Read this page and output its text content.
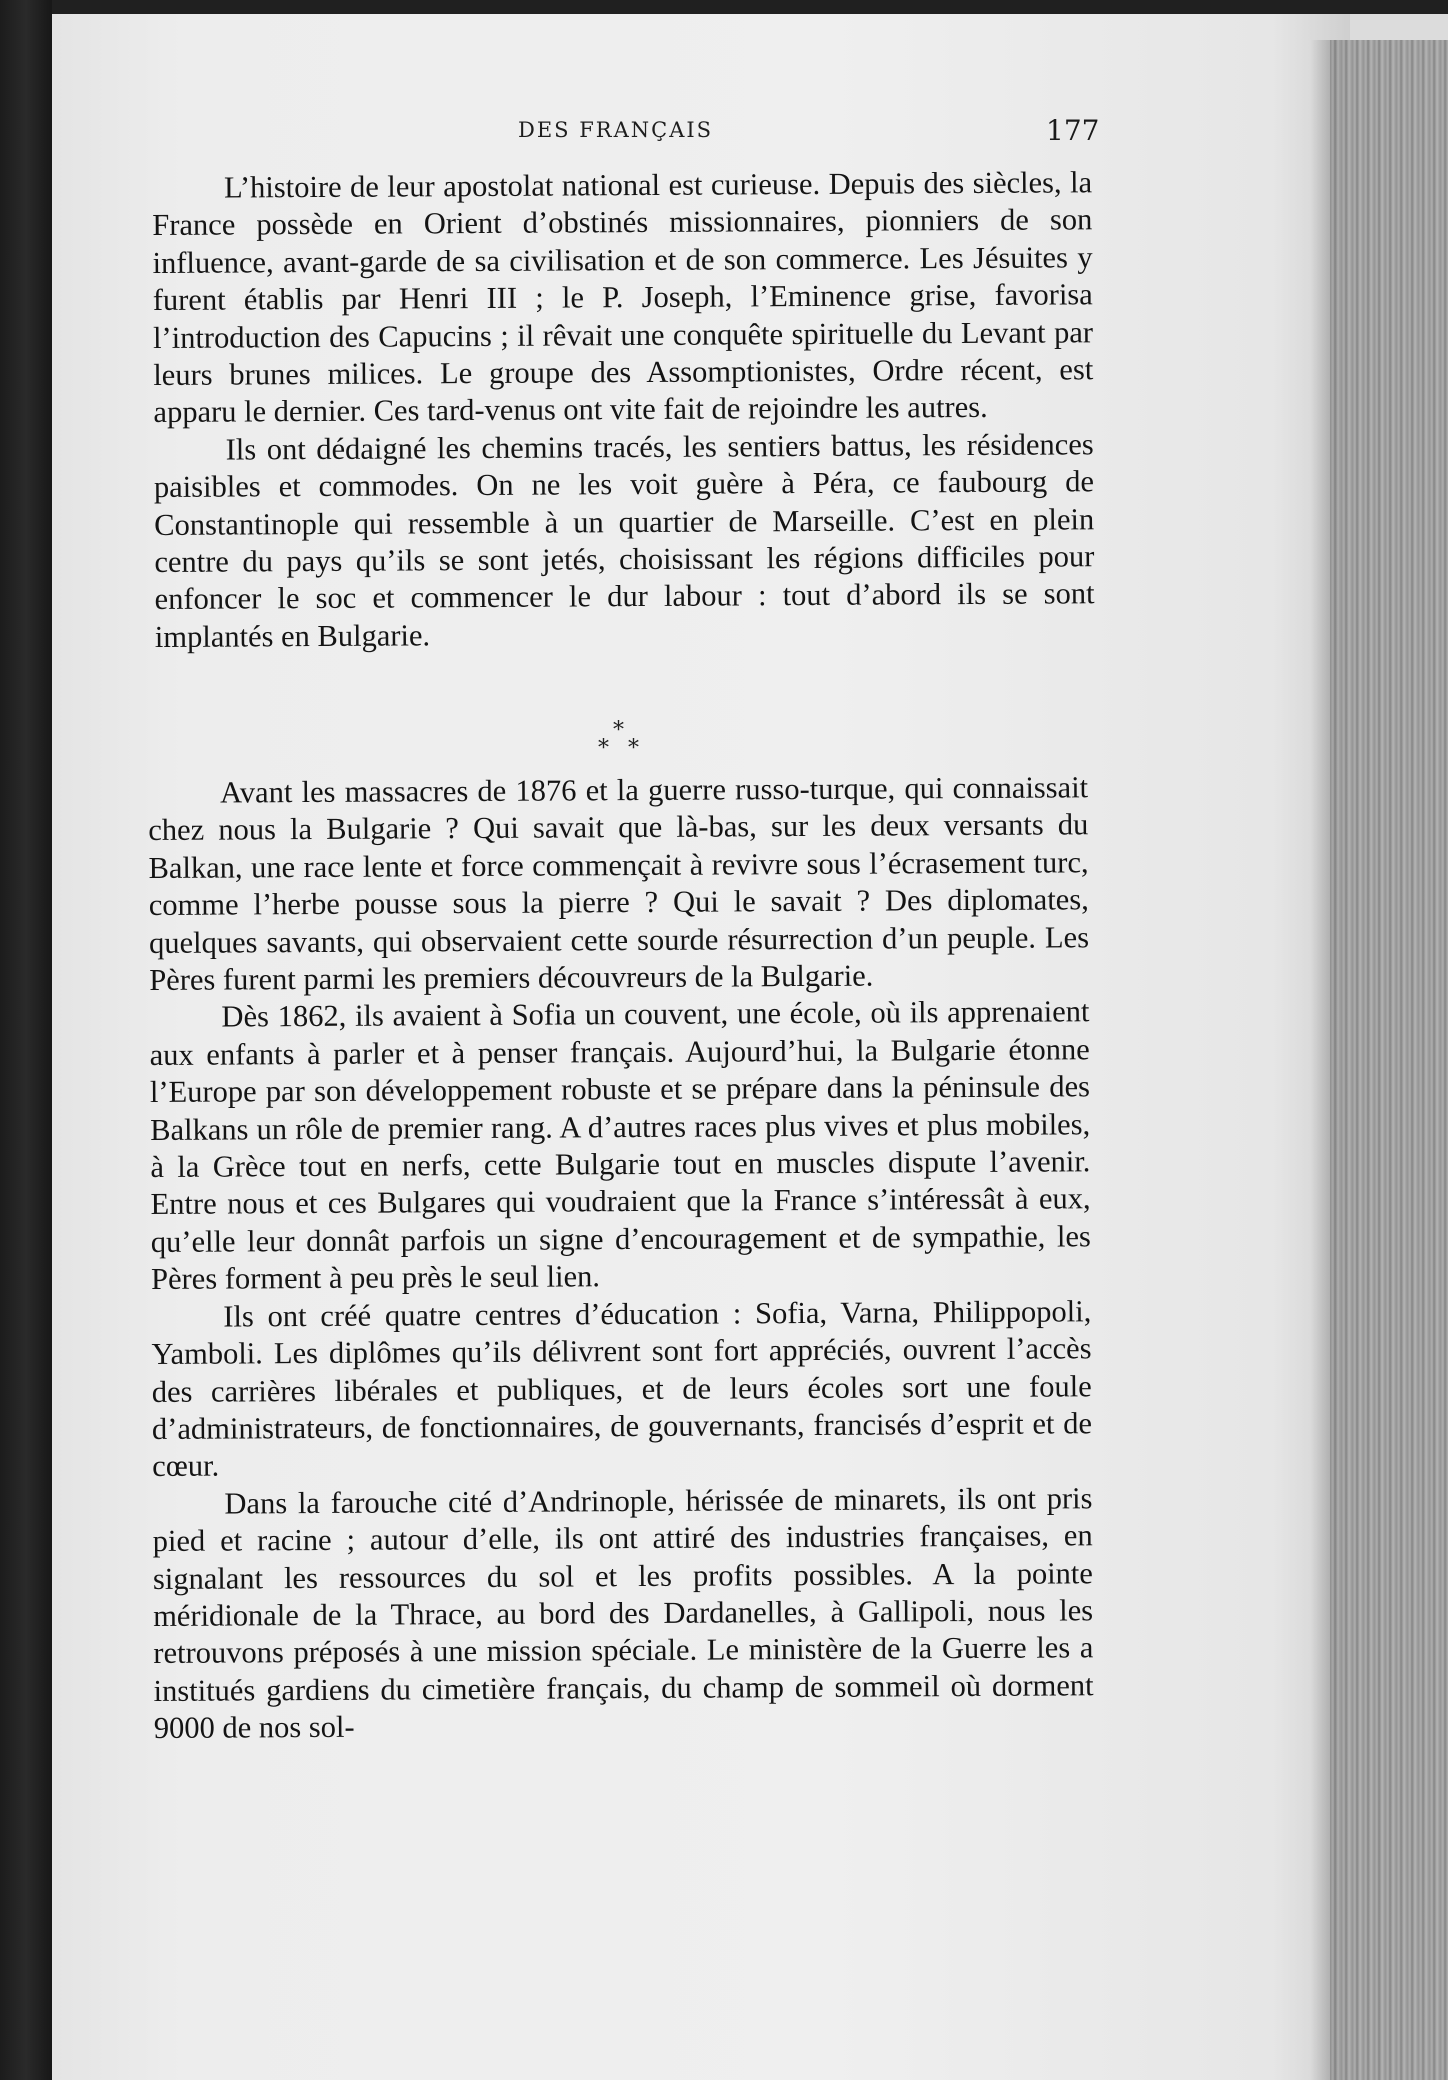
DES FRANÇAIS	177

L’histoire de leur apostolat national est curieuse. Depuis des siècles, la France possède en Orient d’obstinés missionnaires, pionniers de son influence, avant-garde de sa civilisation et de son commerce. Les Jésuites y furent établis par Henri III ; le P. Joseph, l’Eminence grise, favorisa l’introduction des Capucins ; il rêvait une conquête spirituelle du Levant par leurs brunes milices. Le groupe des Assomptionistes, Ordre récent, est apparu le dernier. Ces tard-venus ont vite fait de rejoindre les autres.

Ils ont dédaigné les chemins tracés, les sentiers battus, les résidences paisibles et commodes. On ne les voit guère à Péra, ce faubourg de Constantinople qui ressemble à un quartier de Marseille. C’est en plein centre du pays qu’ils se sont jetés, choisissant les régions difficiles pour enfoncer le soc et commencer le dur labour : tout d’abord ils se sont implantés en Bulgarie.

*
* *

Avant les massacres de 1876 et la guerre russo-turque, qui connaissait chez nous la Bulgarie ? Qui savait que là-bas, sur les deux versants du Balkan, une race lente et force commençait à revivre sous l’écrasement turc, comme l’herbe pousse sous la pierre ? Qui le savait ? Des diplomates, quelques savants, qui observaient cette sourde résurrection d’un peuple. Les Pères furent parmi les premiers découvreurs de la Bulgarie.

Dès 1862, ils avaient à Sofia un couvent, une école, où ils apprenaient aux enfants à parler et à penser français. Aujourd’hui, la Bulgarie étonne l’Europe par son développement robuste et se prépare dans la péninsule des Balkans un rôle de premier rang. A d’autres races plus vives et plus mobiles, à la Grèce tout en nerfs, cette Bulgarie tout en muscles dispute l’avenir. Entre nous et ces Bulgares qui voudraient que la France s’intéressât à eux, qu’elle leur donnât parfois un signe d’encouragement et de sympathie, les Pères forment à peu près le seul lien.

Ils ont créé quatre centres d’éducation : Sofia, Varna, Philippopoli, Yamboli. Les diplômes qu’ils délivrent sont fort appréciés, ouvrent l’accès des carrières libérales et publiques, et de leurs écoles sort une foule d’administrateurs, de fonctionnaires, de gouvernants, francisés d’esprit et de cœur.

Dans la farouche cité d’Andrinople, hérissée de minarets, ils ont pris pied et racine ; autour d’elle, ils ont attiré des industries françaises, en signalant les ressources du sol et les profits possibles. A la pointe méridionale de la Thrace, au bord des Dardanelles, à Gallipoli, nous les retrouvons préposés à une mission spéciale. Le ministère de la Guerre les a institués gardiens du cimetière français, du champ de sommeil où dorment 9000 de nos sol-
